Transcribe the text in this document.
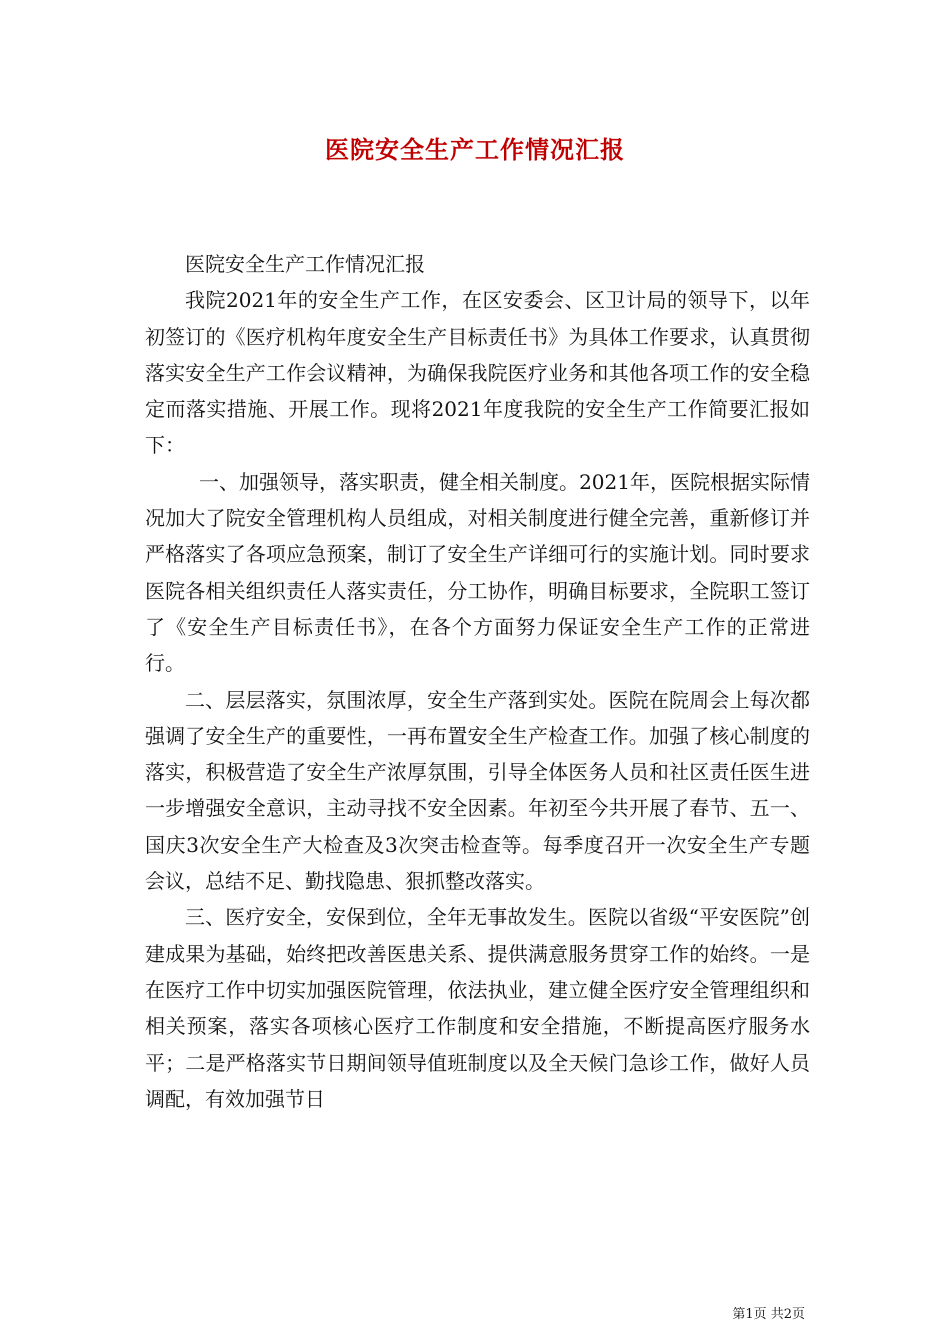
医院安全生产工作情况汇报

医院安全生产工作情况汇报

我院2021年的安全生产工作，在区安委会、区卫计局的领导下，以年初签订的《医疗机构年度安全生产目标责任书》为具体工作要求，认真贯彻落实安全生产工作会议精神，为确保我院医疗业务和其他各项工作的安全稳定而落实措施、开展工作。现将2021年度我院的安全生产工作简要汇报如下：

一、加强领导，落实职责，健全相关制度。2021年，医院根据实际情况加大了院安全管理机构人员组成，对相关制度进行健全完善，重新修订并严格落实了各项应急预案，制订了安全生产详细可行的实施计划。同时要求医院各相关组织责任人落实责任，分工协作，明确目标要求，全院职工签订了《安全生产目标责任书》，在各个方面努力保证安全生产工作的正常进行。

二、层层落实，氛围浓厚，安全生产落到实处。医院在院周会上每次都强调了安全生产的重要性，一再布置安全生产检查工作。加强了核心制度的落实，积极营造了安全生产浓厚氛围，引导全体医务人员和社区责任医生进一步增强安全意识，主动寻找不安全因素。年初至今共开展了春节、五一、国庆3次安全生产大检查及3次突击检查等。每季度召开一次安全生产专题会议，总结不足、勤找隐患、狠抓整改落实。

三、医疗安全，安保到位，全年无事故发生。医院以省级“平安医院”创建成果为基础，始终把改善医患关系、提供满意服务贯穿工作的始终。一是在医疗工作中切实加强医院管理，依法执业，建立健全医疗安全管理组织和相关预案，落实各项核心医疗工作制度和安全措施，不断提高医疗服务水平；二是严格落实节日期间领导值班制度以及全天候门急诊工作，做好人员调配，有效加强节日

第1页 共2页
